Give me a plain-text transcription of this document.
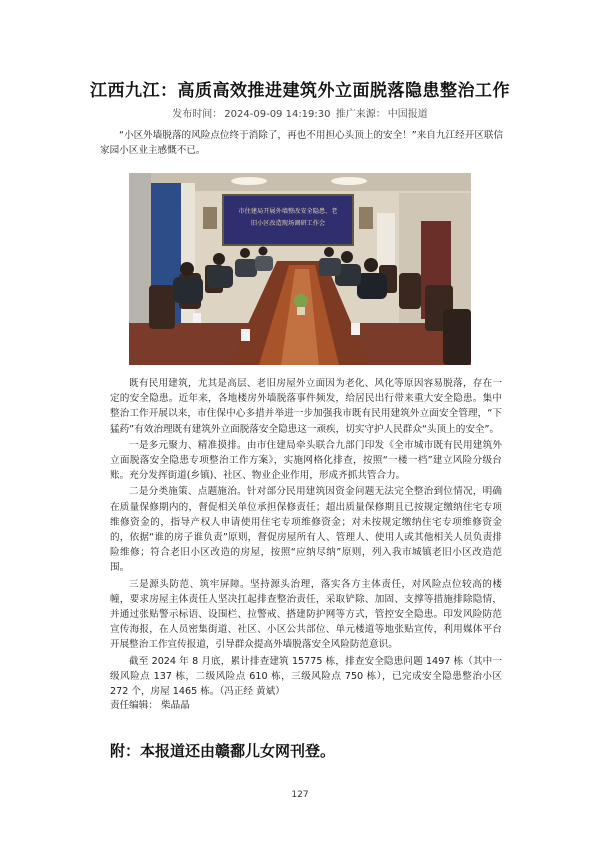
江西九江：高质高效推进建筑外立面脱落隐患整治工作
发布时间： 2024-09-09 14:19:30 推广来源： 中国报道

“小区外墙脱落的风险点位终于消除了，再也不用担心头顶上的安全！”来自九江经开区联信家园小区业主感慨不已。

市住建局开展外墙整改安全隐患、老
旧小区改造现场调研工作会

既有民用建筑，尤其是高层、老旧房屋外立面因为老化、风化等原因容易脱落，存在一定的安全隐患。近年来，各地楼房外墙脱落事件频发，给居民出行带来重大安全隐患。集中整治工作开展以来，市住保中心多措并举进一步加强我市既有民用建筑外立面安全管理，“下猛药”有效治理既有建筑外立面脱落安全隐患这一顽疾，切实守护人民群众“头顶上的安全”。

一是多元聚力、精准摸排。由市住建局牵头联合九部门印发《全市城市既有民用建筑外立面脱落安全隐患专项整治工作方案》，实施网格化排查，按照“一楼一档”建立风险分级台账。充分发挥街道(乡镇)、社区、物业企业作用，形成齐抓共管合力。

二是分类施策、点题施治。针对部分民用建筑因资金问题无法完全整治到位情况，明确在质量保修期内的，督促相关单位承担保修责任；超出质量保修期且已按规定缴纳住宅专项维修资金的，指导产权人申请使用住宅专项维修资金；对未按规定缴纳住宅专项维修资金的，依据“谁的房子谁负责”原则，督促房屋所有人、管理人、使用人或其他相关人员负责排险维修；符合老旧小区改造的房屋，按照“应纳尽纳”原则，列入我市城镇老旧小区改造范围。

三是源头防范、筑牢屏障。坚持源头治理，落实各方主体责任，对风险点位较高的楼幢，要求房屋主体责任人坚决扛起排查整治责任，采取铲除、加固、支撑等措施排除隐情，并通过张贴警示标语、设围栏、拉警戒、搭建防护网等方式，管控安全隐患。印发风险防范宣传海报，在人员密集街道、社区、小区公共部位、单元楼道等地张贴宣传，利用媒体平台开展整治工作宣传报道，引导群众提高外墙脱落安全风险防范意识。

截至 2024 年 8 月底，累计排查建筑 15775 栋，排查安全隐患问题 1497 栋（其中一级风险点 137 栋，二级风险点 610 栋，三级风险点 750 栋），已完成安全隐患整治小区 272 个，房屋 1465 栋。（冯正经 黄斌）

责任编辑： 柴晶晶
附：本报道还由赣鄱儿女网刊登。
127
